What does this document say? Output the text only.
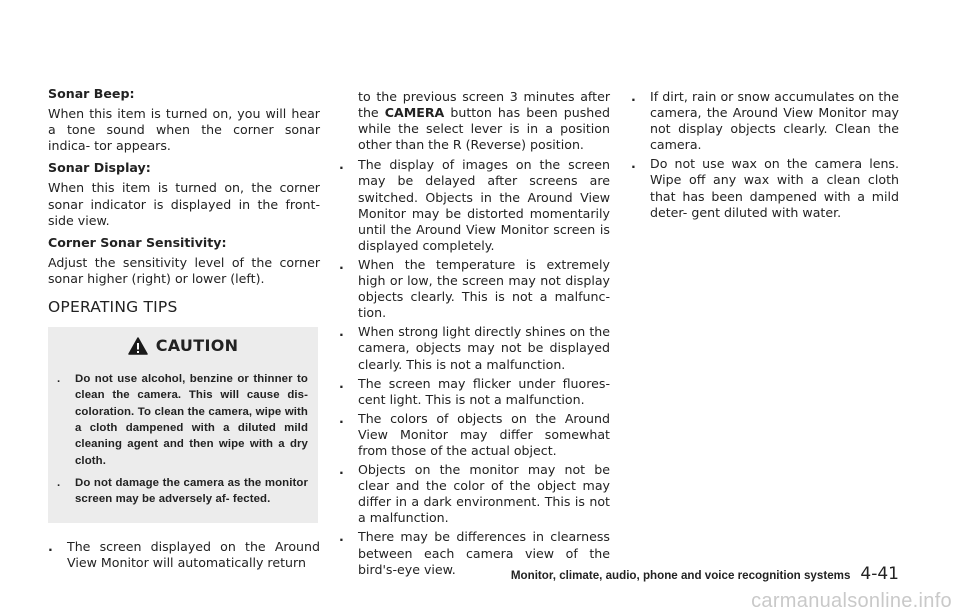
Sonar Beep:

When this item is turned on, you will hear a tone sound when the corner sonar indica- tor appears.

Sonar Display:

When this item is turned on, the corner sonar indicator is displayed in the front- side view.

Corner Sonar Sensitivity:

Adjust the sensitivity level of the corner sonar higher (right) or lower (left).

OPERATING TIPS
CAUTION
. Do not use alcohol, benzine or thinner to clean the camera. This will cause dis- coloration. To clean the camera, wipe with a cloth dampened with a diluted mild cleaning agent and then wipe with a dry cloth.
. Do not damage the camera as the monitor screen may be adversely af- fected.
. The screen displayed on the Around View Monitor will automatically return

to the previous screen 3 minutes after the CAMERA button has been pushed while the select lever is in a position other than the R (Reverse) position.

. The display of images on the screen may be delayed after screens are switched. Objects in the Around View Monitor may be distorted momentarily until the Around View Monitor screen is displayed completely.

. When the temperature is extremely high or low, the screen may not display objects clearly. This is not a malfunc- tion.

. When strong light directly shines on the camera, objects may not be displayed clearly. This is not a malfunction.

. The screen may flicker under fluores- cent light. This is not a malfunction.

. The colors of objects on the Around View Monitor may differ somewhat from those of the actual object.

. Objects on the monitor may not be clear and the color of the object may differ in a dark environment. This is not a malfunction.

. There may be differences in clearness between each camera view of the bird's-eye view.

. If dirt, rain or snow accumulates on the camera, the Around View Monitor may not display objects clearly. Clean the camera.

. Do not use wax on the camera lens. Wipe off any wax with a clean cloth that has been dampened with a mild deter- gent diluted with water.

Monitor, climate, audio, phone and voice recognition systems 4-41
carmanualsonline.info
